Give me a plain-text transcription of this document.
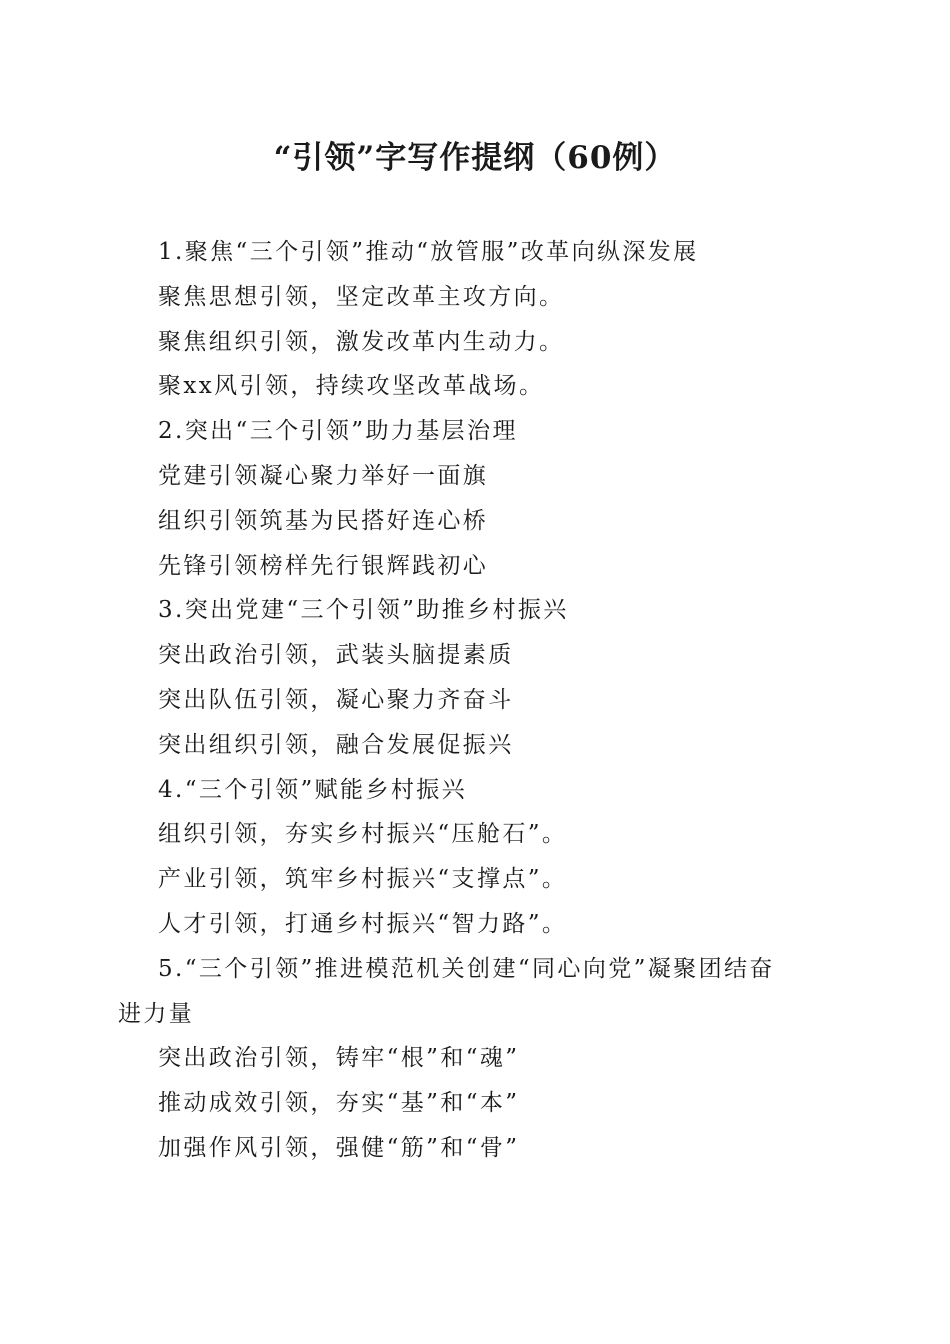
“引领”字写作提纲（60例）
1.聚焦“三个引领”推动“放管服”改革向纵深发展
聚焦思想引领，坚定改革主攻方向。
聚焦组织引领，激发改革内生动力。
聚xx风引领，持续攻坚改革战场。
2.突出“三个引领”助力基层治理
党建引领凝心聚力举好一面旗
组织引领筑基为民搭好连心桥
先锋引领榜样先行银辉践初心
3.突出党建“三个引领”助推乡村振兴
突出政治引领，武装头脑提素质
突出队伍引领，凝心聚力齐奋斗
突出组织引领，融合发展促振兴
4.“三个引领”赋能乡村振兴
组织引领，夯实乡村振兴“压舱石”。
产业引领，筑牢乡村振兴“支撑点”。
人才引领，打通乡村振兴“智力路”。
5.“三个引领”推进模范机关创建“同心向党”凝聚团结奋
进力量
突出政治引领，铸牢“根”和“魂”
推动成效引领，夯实“基”和“本”
加强作风引领，强健“筋”和“骨”
